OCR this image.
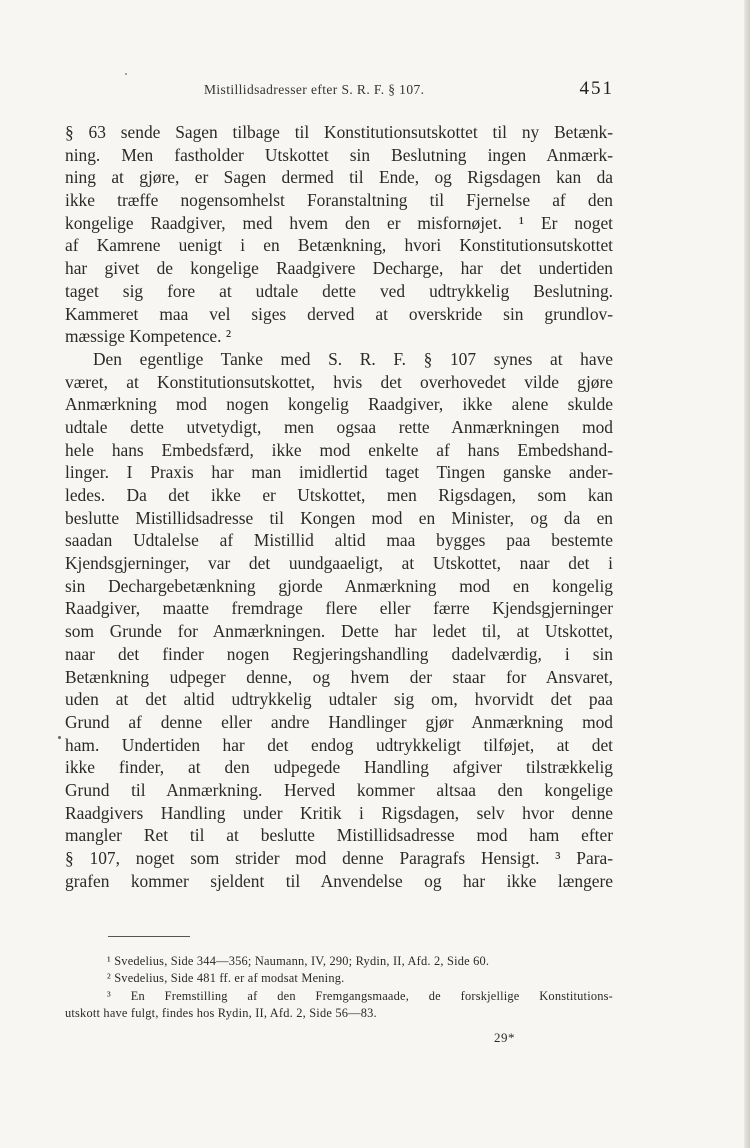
Mistillidsadresser efter S. R. F. § 107.	451
§ 63 sende Sagen tilbage til Konstitutionsutskottet til ny Betænk-
ning. Men fastholder Utskottet sin Beslutning ingen Anmærk-
ning at gjøre, er Sagen dermed til Ende, og Rigsdagen kan da
ikke træffe nogensomhelst Foranstaltning til Fjernelse af den
kongelige Raadgiver, med hvem den er misfornøjet. ¹ Er noget
af Kamrene uenigt i en Betænkning, hvori Konstitutionsutskottet
har givet de kongelige Raadgivere Decharge, har det undertiden
taget sig fore at udtale dette ved udtrykkelig Beslutning.
Kammeret maa vel siges derved at overskride sin grundlov-
mæssige Kompetence. ²
Den egentlige Tanke med S. R. F. § 107 synes at have
været, at Konstitutionsutskottet, hvis det overhovedet vilde gjøre
Anmærkning mod nogen kongelig Raadgiver, ikke alene skulde
udtale dette utvetydigt, men ogsaa rette Anmærkningen mod
hele hans Embedsfærd, ikke mod enkelte af hans Embedshand-
linger. I Praxis har man imidlertid taget Tingen ganske ander-
ledes. Da det ikke er Utskottet, men Rigsdagen, som kan
beslutte Mistillidsadresse til Kongen mod en Minister, og da en
saadan Udtalelse af Mistillid altid maa bygges paa bestemte
Kjendsgjerninger, var det uundgaaeligt, at Utskottet, naar det i
sin Dechargebetænkning gjorde Anmærkning mod en kongelig
Raadgiver, maatte fremdrage flere eller færre Kjendsgjerninger
som Grunde for Anmærkningen. Dette har ledet til, at Utskottet,
naar det finder nogen Regjeringshandling dadelværdig, i sin
Betænkning udpeger denne, og hvem der staar for Ansvaret,
uden at det altid udtrykkelig udtaler sig om, hvorvidt det paa
Grund af denne eller andre Handlinger gjør Anmærkning mod
ham. Undertiden har det endog udtrykkeligt tilføjet, at det
ikke finder, at den udpegede Handling afgiver tilstrækkelig
Grund til Anmærkning. Herved kommer altsaa den kongelige
Raadgivers Handling under Kritik i Rigsdagen, selv hvor denne
mangler Ret til at beslutte Mistillidsadresse mod ham efter
§ 107, noget som strider mod denne Paragrafs Hensigt. ³ Para-
grafen kommer sjeldent til Anvendelse og har ikke længere
¹ Svedelius, Side 344—356; Naumann, IV, 290; Rydin, II, Afd. 2, Side 60.
² Svedelius, Side 481 ff. er af modsat Mening.
³ En Fremstilling af den Fremgangsmaade, de forskjellige Konstitutions-
utskott have fulgt, findes hos Rydin, II, Afd. 2, Side 56—83.
29*
